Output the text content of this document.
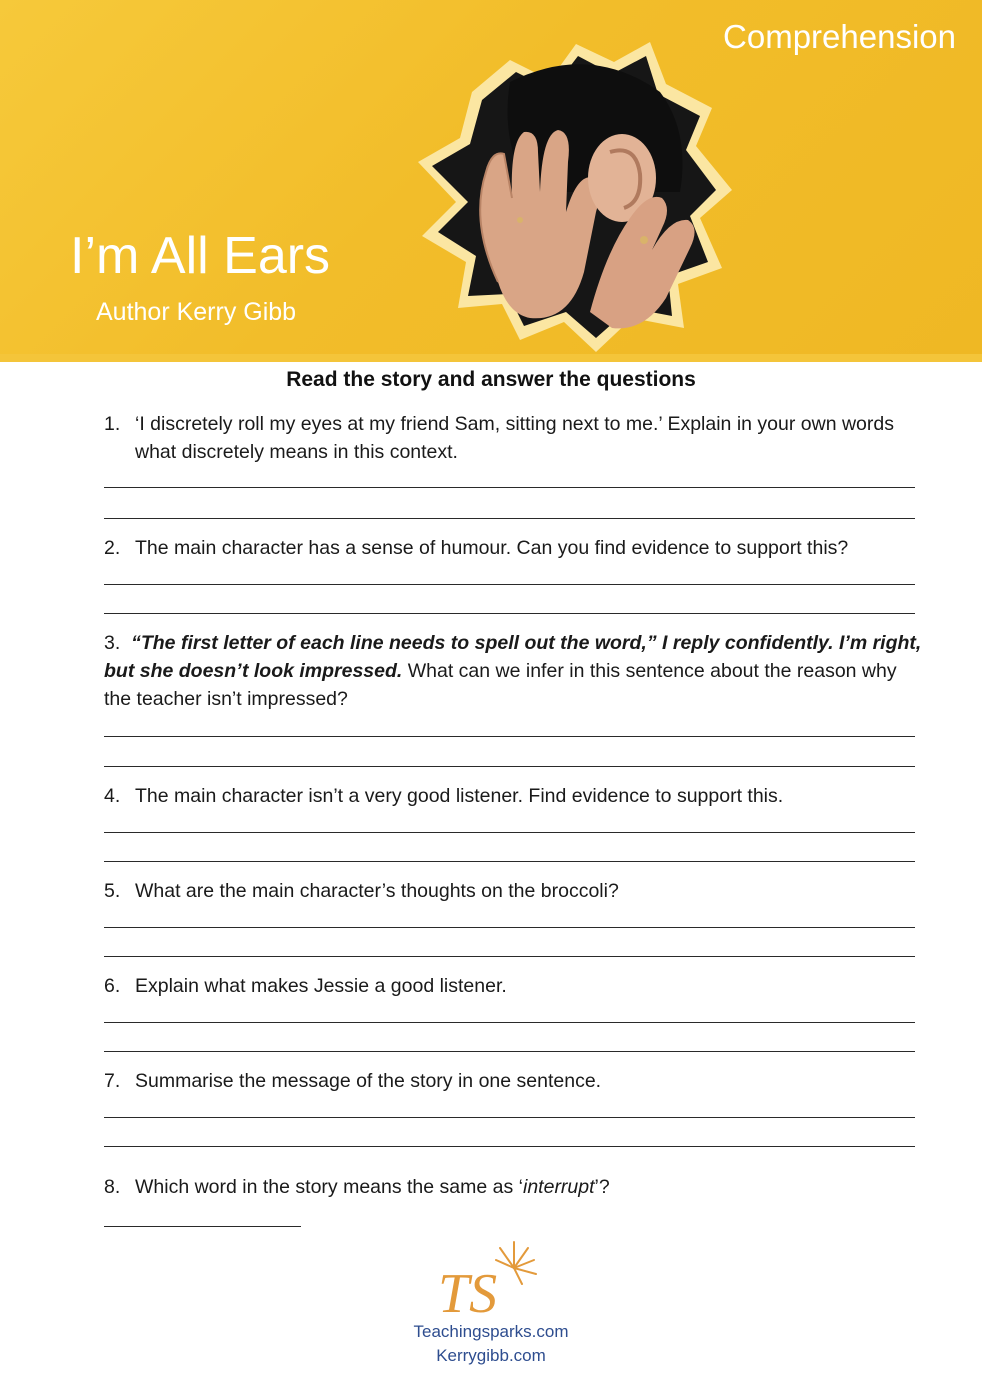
Comprehension
I’m All Ears
Author Kerry Gibb
Read the story and answer the questions
1. ‘I discretely roll my eyes at my friend Sam, sitting next to me.’ Explain in your own words what discretely means in this context.
2. The main character has a sense of humour. Can you find evidence to support this?
3. “The first letter of each line needs to spell out the word,” I reply confidently. I’m right, but she doesn’t look impressed. What can we infer in this sentence about the reason why the teacher isn’t impressed?
4. The main character isn’t a very good listener. Find evidence to support this.
5. What are the main character’s thoughts on the broccoli?
6. Explain what makes Jessie a good listener.
7. Summarise the message of the story in one sentence.
8. Which word in the story means the same as ‘interrupt’?
TS
Teachingsparks.com
Kerrygibb.com
